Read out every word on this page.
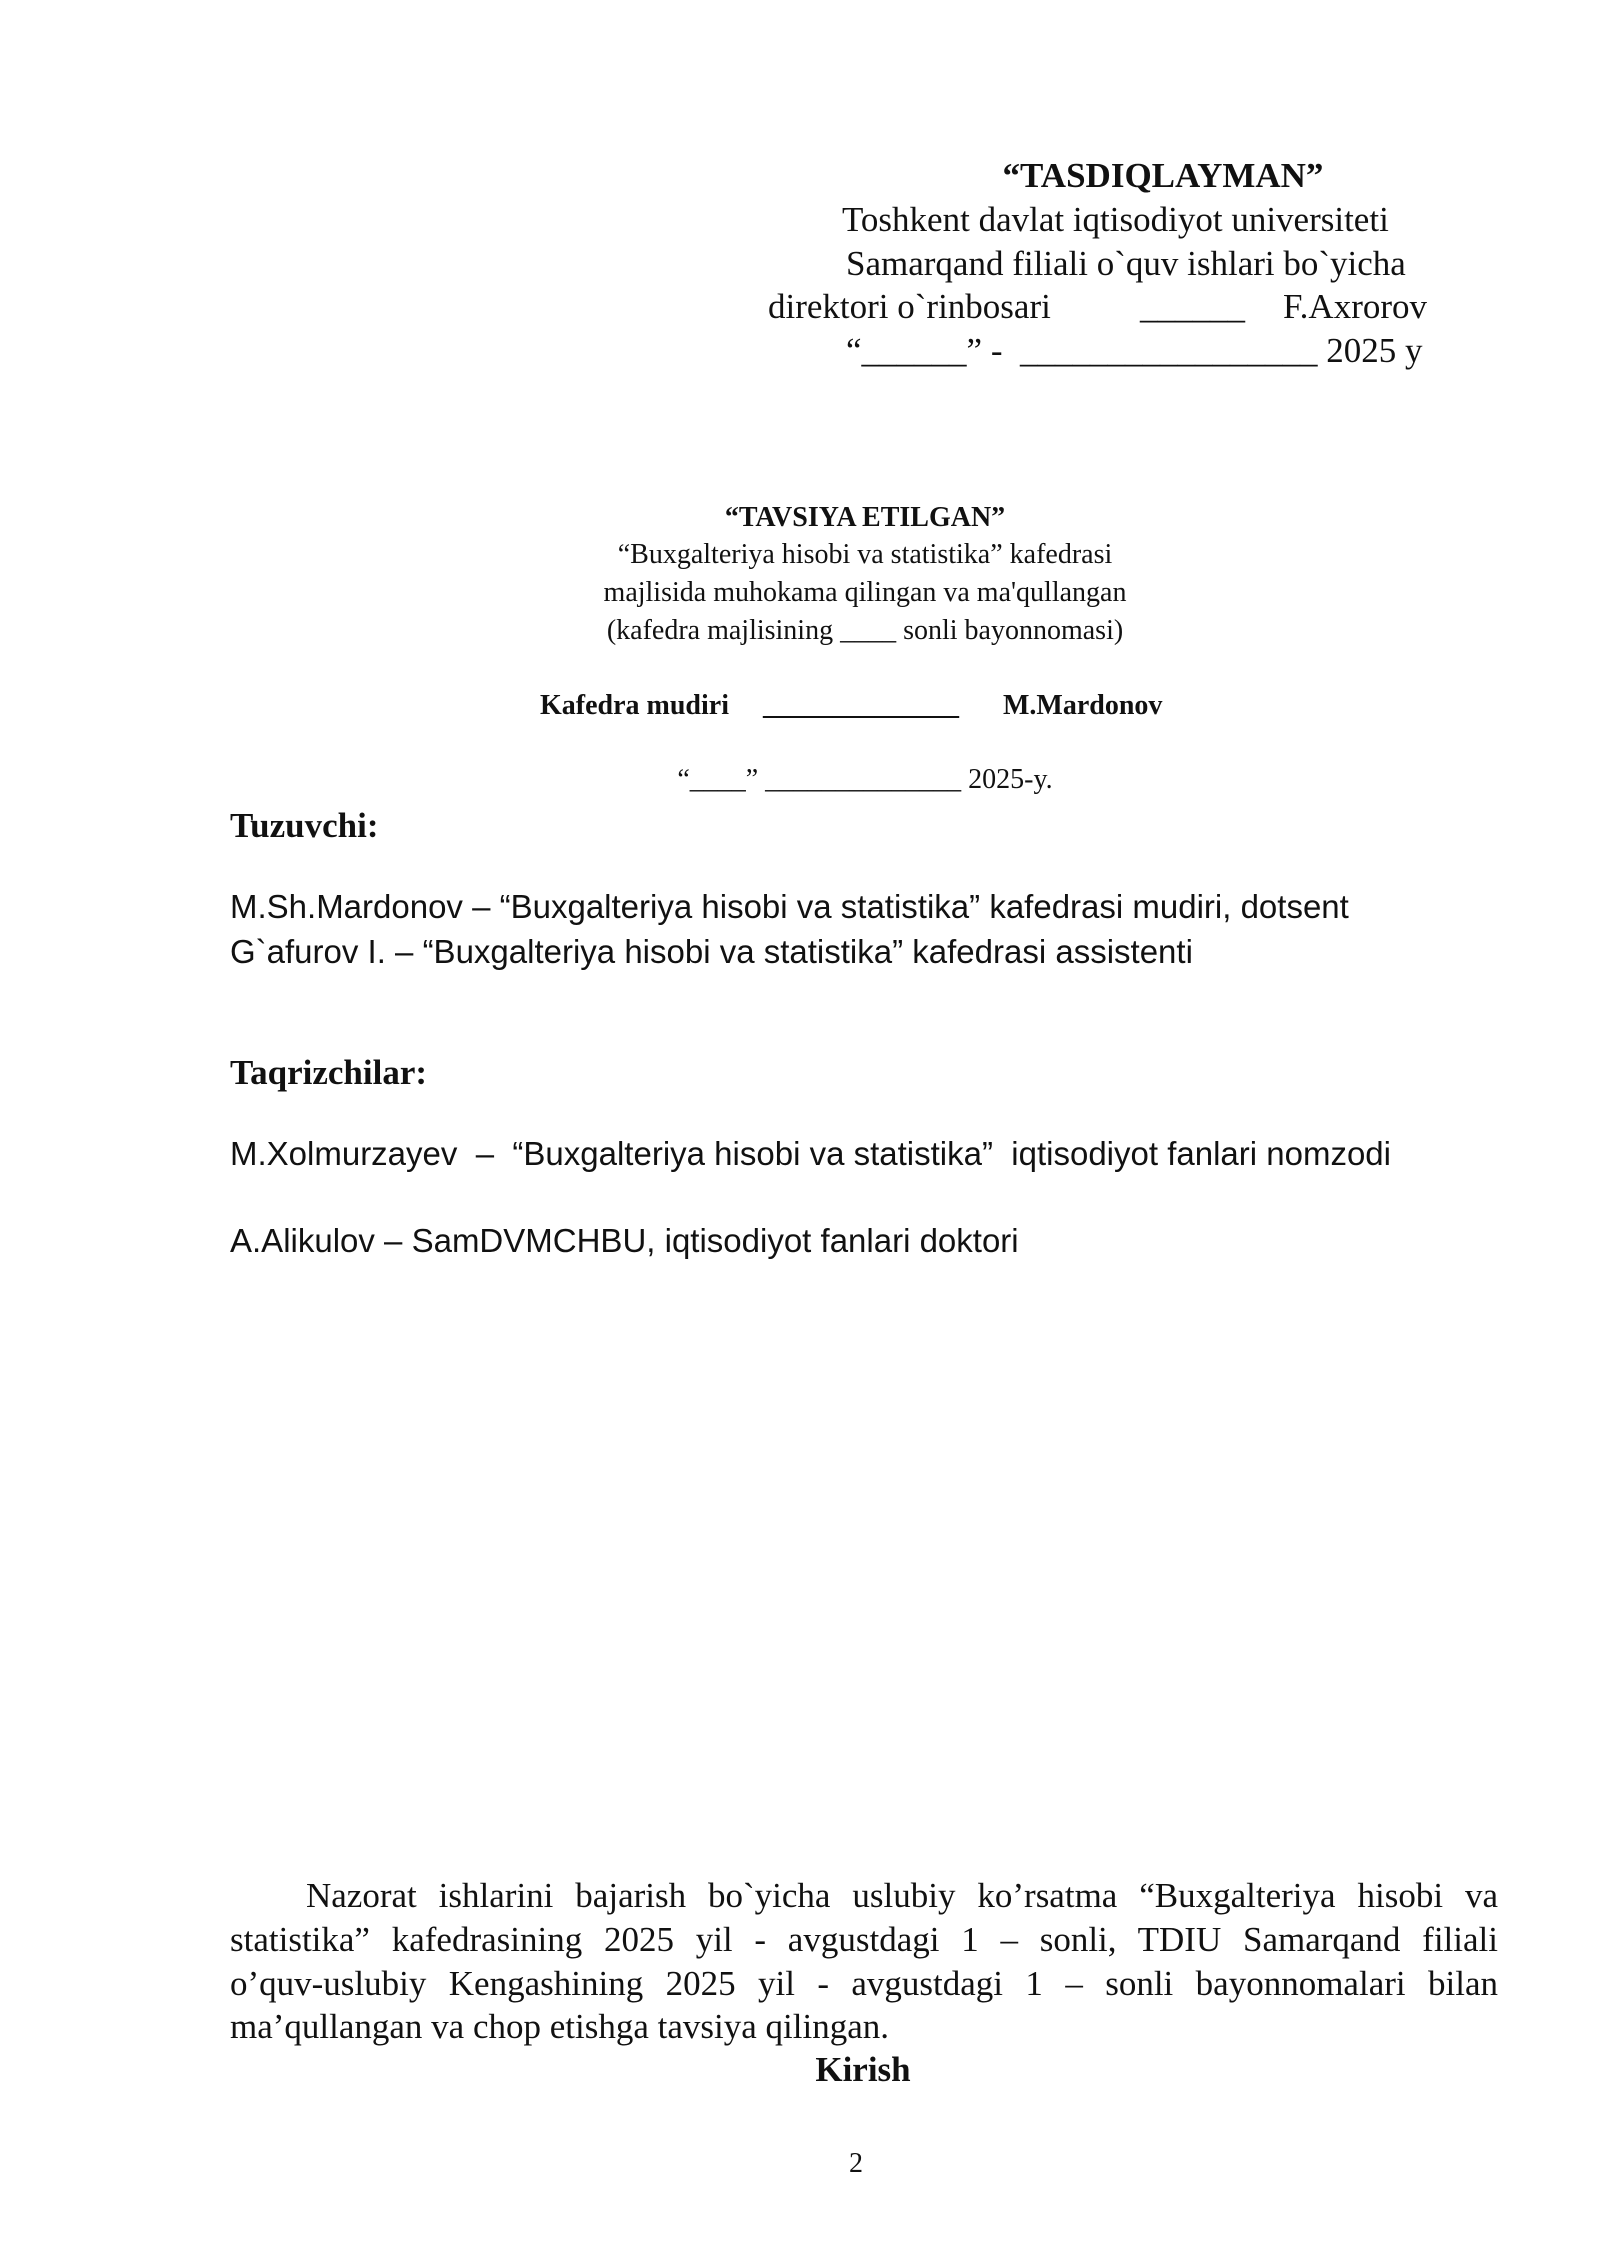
“TASDIQLAYMAN”
Toshkent davlat iqtisodiyot universiteti
Samarqand filiali o`quv ishlari bo`yicha
direktori o`rinbosari	______ F.Axrorov
“______” -  _________________ 2025 y
“TAVSIYA ETILGAN”
“Buxgalteriya hisobi va statistika” kafedrasi
majlisida muhokama qilingan va ma'qullangan
(kafedra majlisining ____ sonli bayonnomasi)
Kafedra mudiri ______________ M.Mardonov
“____” ______________ 2025-y.
Tuzuvchi:
M.Sh.Mardonov – “Buxgalteriya hisobi va statistika” kafedrasi mudiri, dotsent
G`afurov I. – “Buxgalteriya hisobi va statistika” kafedrasi assistenti
Taqrizchilar:
M.Xolmurzayev  –  “Buxgalteriya hisobi va statistika”  iqtisodiyot fanlari nomzodi
A.Alikulov – SamDVMCHBU, iqtisodiyot fanlari doktori
Nazorat ishlarini bajarish bo`yicha uslubiy ko’rsatma “Buxgalteriya hisobi va
statistika” kafedrasining 2025 yil - avgustdagi 1 – sonli, TDIU Samarqand filiali
o’quv-uslubiy Kengashining 2025 yil - avgustdagi 1 – sonli bayonnomalari bilan
ma’qullangan va chop etishga tavsiya qilingan.
Kirish
2
